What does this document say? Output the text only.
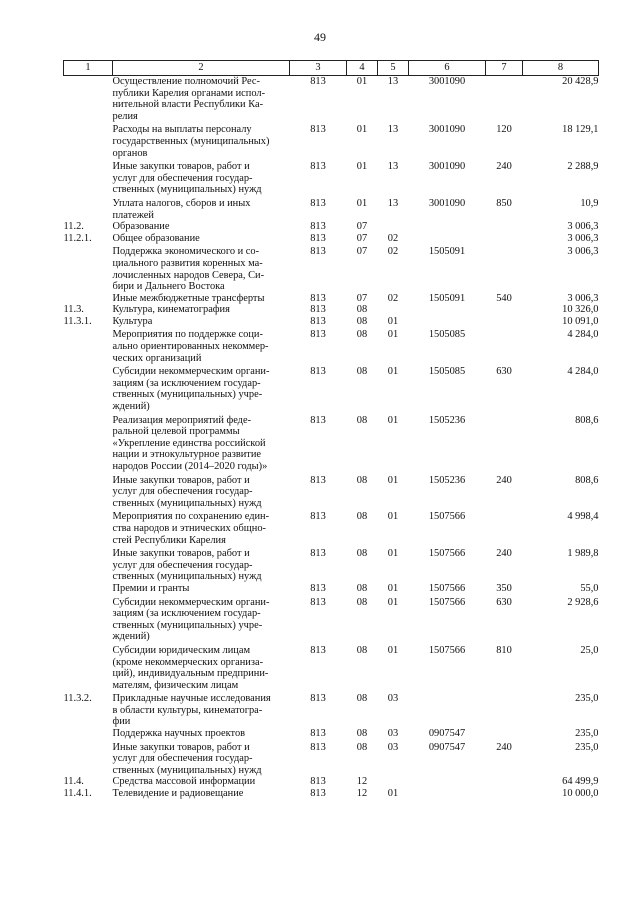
49
1	2	3	4	5	6	7	8
	Осуществление полномочий Рес-
публики Карелия органами испол-
нительной власти Республики Ка-
релия	813	01	13	3001090		20 428,9
	Расходы на выплаты персоналу
государственных (муниципальных)
органов	813	01	13	3001090	120	18 129,1
	Иные закупки товаров, работ и
услуг для обеспечения государ-
ственных (муниципальных) нужд	813	01	13	3001090	240	2 288,9
	Уплата налогов, сборов и иных
платежей	813	01	13	3001090	850	10,9
11.2.	Образование	813	07				3 006,3
11.2.1.	Общее образование	813	07	02			3 006,3
	Поддержка экономического и со-
циального развития коренных ма-
лочисленных народов Севера, Си-
бири и Дальнего Востока	813	07	02	1505091		3 006,3
	Иные межбюджетные трансферты	813	07	02	1505091	540	3 006,3
11.3.	Культура, кинематография	813	08				10 326,0
11.3.1.	Культура	813	08	01			10 091,0
	Мероприятия по поддержке соци-
ально ориентированных некоммер-
ческих организаций	813	08	01	1505085		4 284,0
	Субсидии некоммерческим органи-
зациям (за исключением государ-
ственных (муниципальных) учре-
ждений)	813	08	01	1505085	630	4 284,0
	Реализация мероприятий феде-
ральной целевой программы
«Укрепление единства российской
нации и этнокультурное развитие
народов России (2014–2020 годы)»	813	08	01	1505236		808,6
	Иные закупки товаров, работ и
услуг для обеспечения государ-
ственных (муниципальных) нужд	813	08	01	1505236	240	808,6
	Мероприятия по сохранению един-
ства народов и этнических общно-
стей Республики Карелия	813	08	01	1507566		4 998,4
	Иные закупки товаров, работ и
услуг для обеспечения государ-
ственных (муниципальных) нужд	813	08	01	1507566	240	1 989,8
	Премии и гранты	813	08	01	1507566	350	55,0
	Субсидии некоммерческим органи-
зациям (за исключением государ-
ственных (муниципальных) учре-
ждений)	813	08	01	1507566	630	2 928,6
	Субсидии юридическим лицам
(кроме некоммерческих организа-
ций), индивидуальным предприни-
мателям, физическим лицам	813	08	01	1507566	810	25,0
11.3.2.	Прикладные научные исследования
в области культуры, кинематогра-
фии	813	08	03			235,0
	Поддержка научных проектов	813	08	03	0907547		235,0
	Иные закупки товаров, работ и
услуг для обеспечения государ-
ственных (муниципальных) нужд	813	08	03	0907547	240	235,0
11.4.	Средства массовой информации	813	12				64 499,9
11.4.1.	Телевидение и радиовещание	813	12	01			10 000,0
